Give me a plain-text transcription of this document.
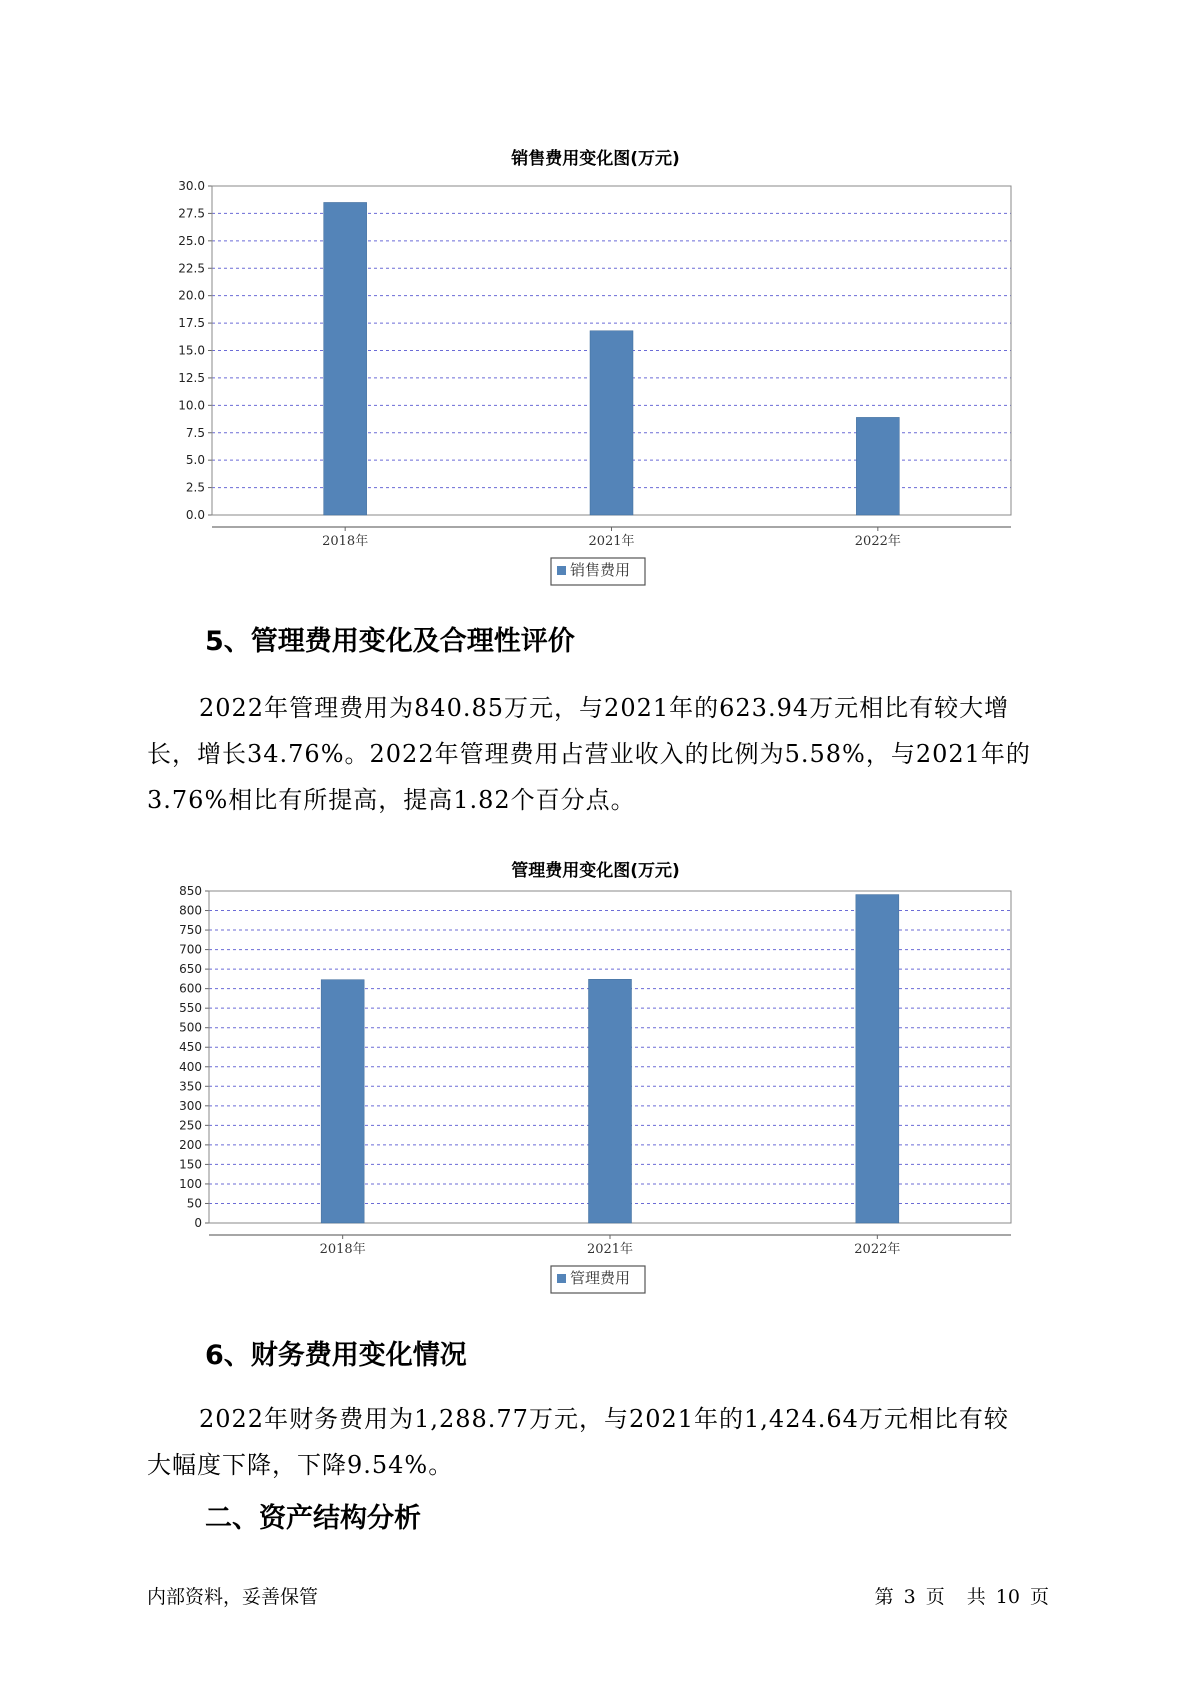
销售费用变化图(万元)
0.0
2.5
5.0
7.5
10.0
12.5
15.0
17.5
20.0
22.5
25.0
27.5
30.0
2018年	2021年	2022年
销售费用
5、管理费用变化及合理性评价
2022年管理费用为840.85万元，与2021年的623.94万元相比有较大增
长，增长34.76%。2022年管理费用占营业收入的比例为5.58%，与2021年的
3.76%相比有所提高，提高1.82个百分点。
管理费用变化图(万元)
0
50
100
150
200
250
300
350
400
450
500
550
600
650
700
750
800
850
2018年	2021年	2022年
管理费用
6、财务费用变化情况
2022年财务费用为1,288.77万元，与2021年的1,424.64万元相比有较
大幅度下降，下降9.54%。
二、资产结构分析
内部资料，妥善保管	第 3 页 共 10 页
